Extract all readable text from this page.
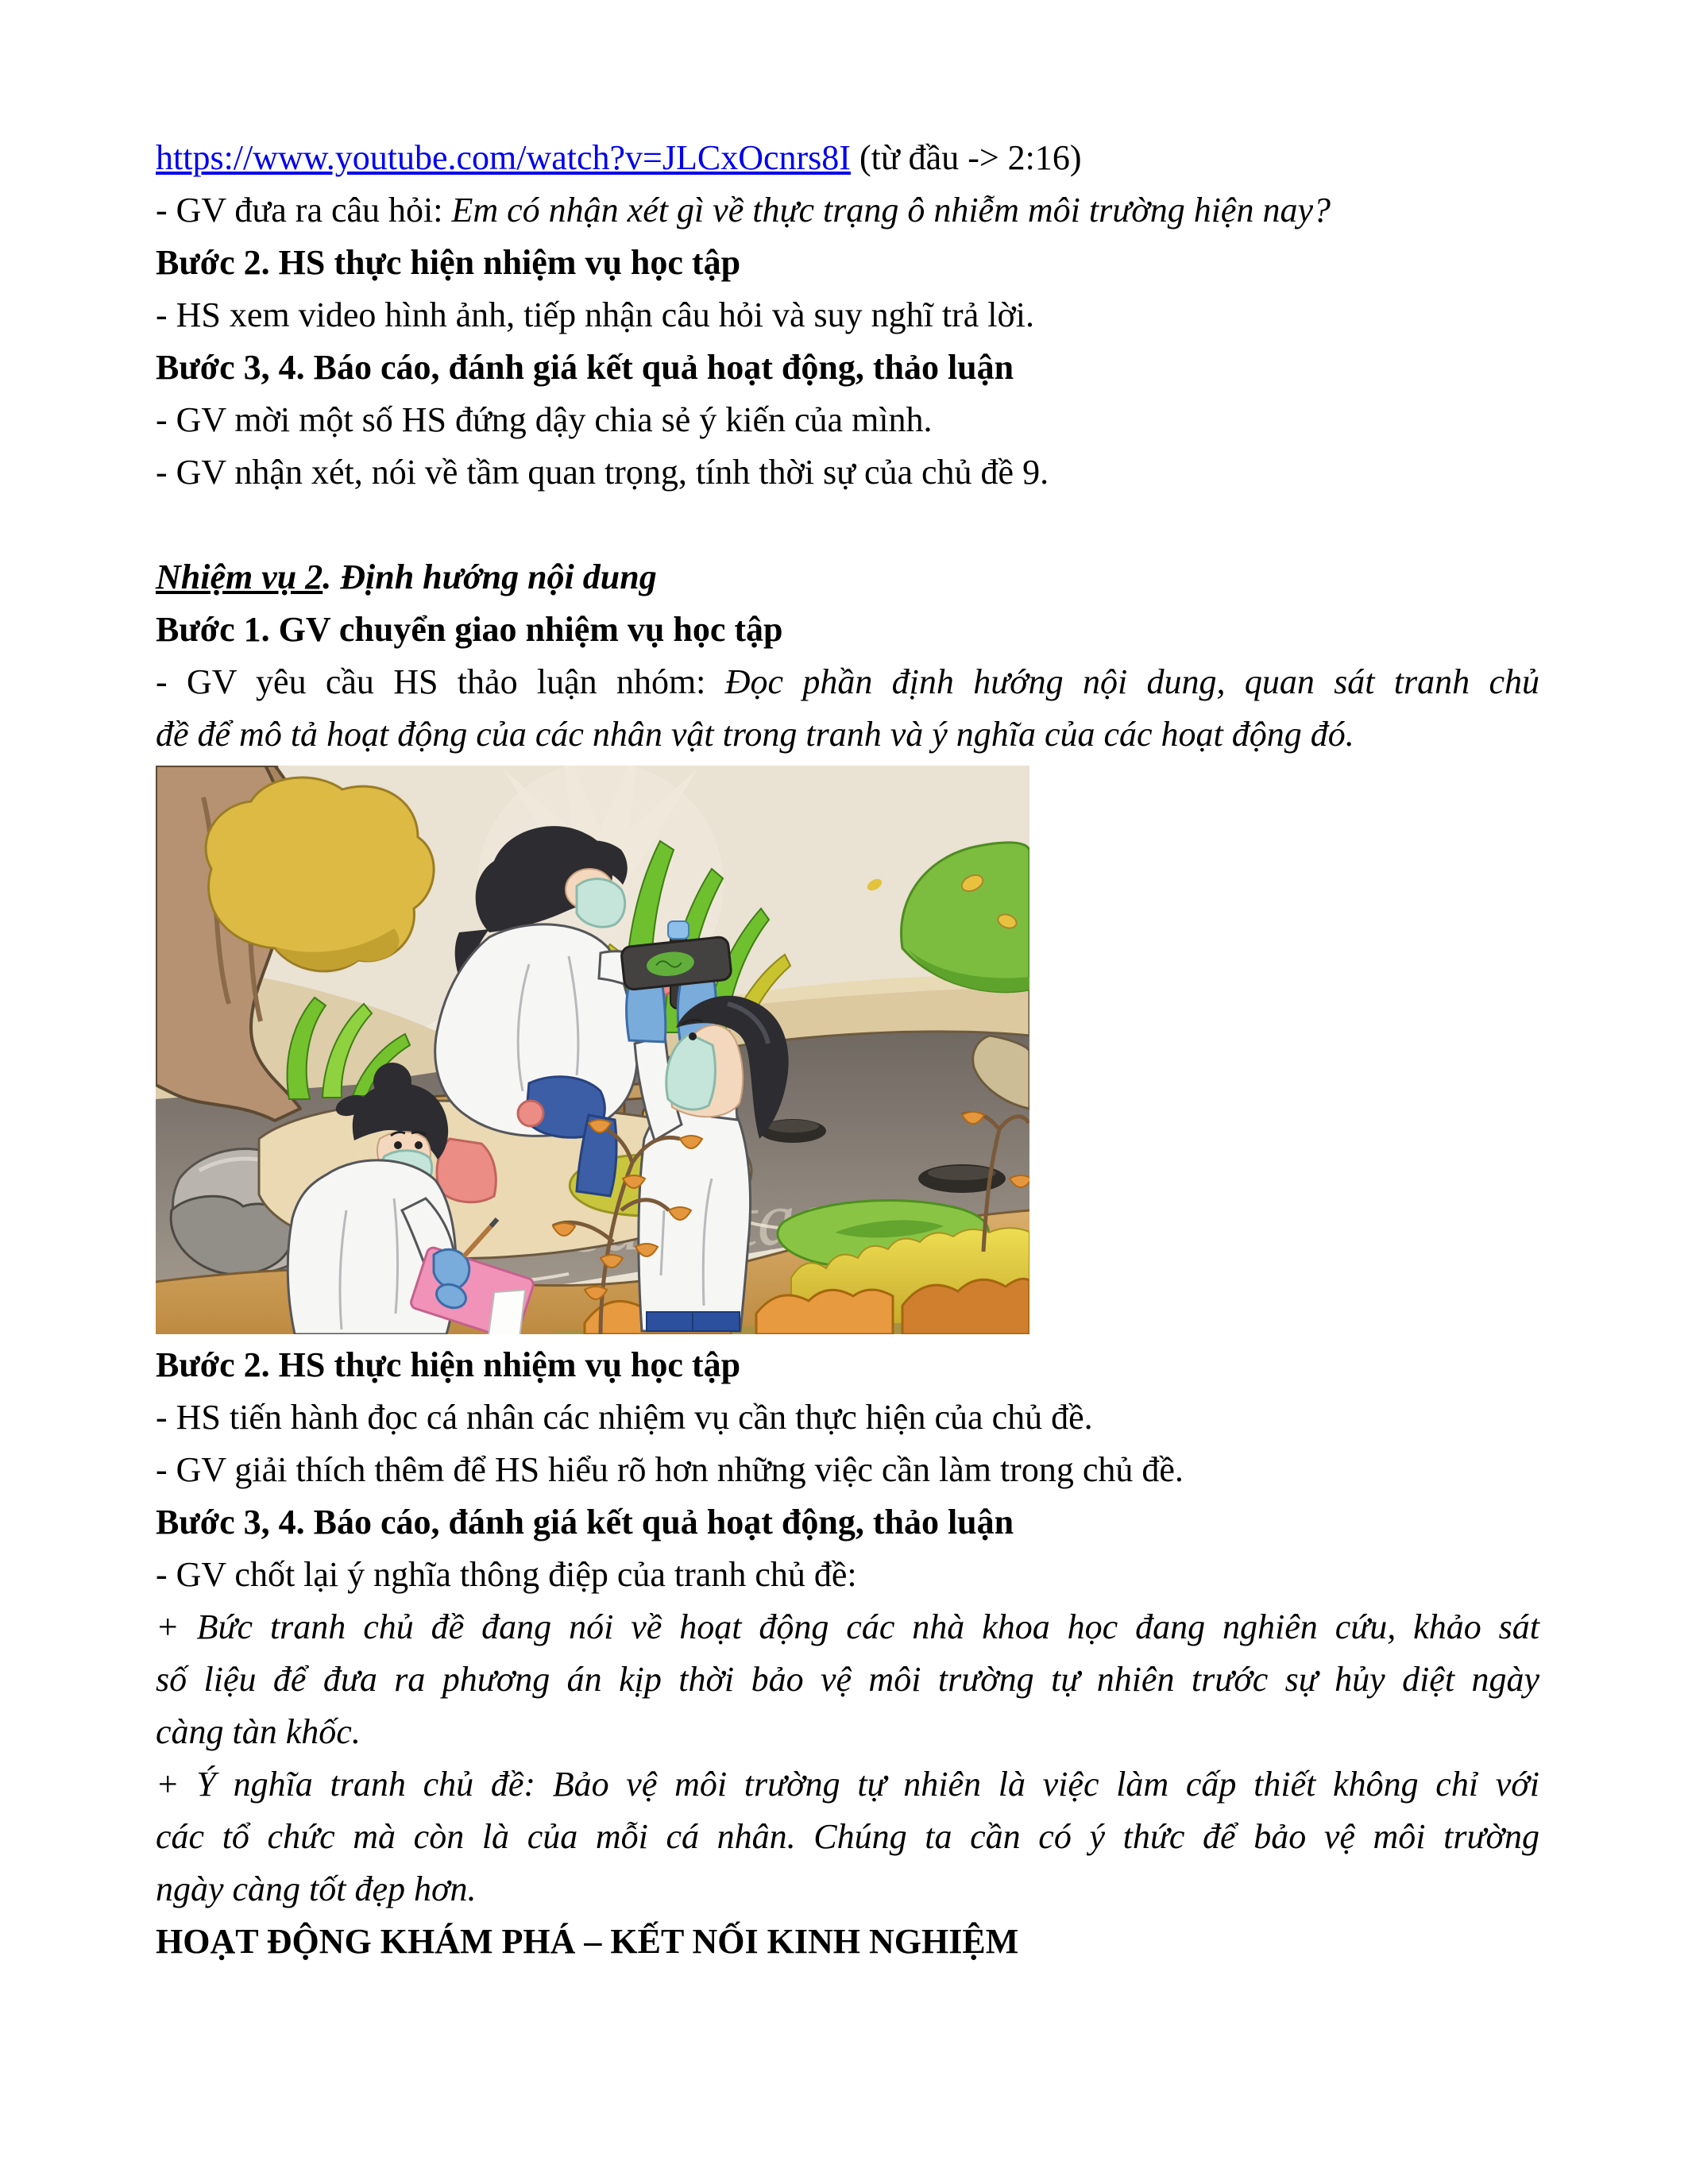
https://www.youtube.com/watch?v=JLCxOcnrs8I (từ đầu -> 2:16)
- GV đưa ra câu hỏi: Em có nhận xét gì về thực trạng ô nhiễm môi trường hiện nay?
Bước 2. HS thực hiện nhiệm vụ học tập
- HS xem video hình ảnh, tiếp nhận câu hỏi và suy nghĩ trả lời.
Bước 3, 4. Báo cáo, đánh giá kết quả hoạt động, thảo luận
- GV mời một số HS đứng dậy chia sẻ ý kiến của mình.
- GV nhận xét, nói về tầm quan trọng, tính thời sự của chủ đề 9.
Nhiệm vụ 2. Định hướng nội dung
Bước 1. GV chuyển giao nhiệm vụ học tập
- GV yêu cầu HS thảo luận nhóm: Đọc phần định hướng nội dung, quan sát tranh chủ
đề để mô tả hoạt động của các nhân vật trong tranh và ý nghĩa của các hoạt động đó.
tạo
Bước 2. HS thực hiện nhiệm vụ học tập
- HS tiến hành đọc cá nhân các nhiệm vụ cần thực hiện của chủ đề.
- GV giải thích thêm để HS hiểu rõ hơn những việc cần làm trong chủ đề.
Bước 3, 4. Báo cáo, đánh giá kết quả hoạt động, thảo luận
- GV chốt lại ý nghĩa thông điệp của tranh chủ đề:
+ Bức tranh chủ đề đang nói về hoạt động các nhà khoa học đang nghiên cứu, khảo sát
số liệu để đưa ra phương án kịp thời bảo vệ môi trường tự nhiên trước sự hủy diệt ngày
càng tàn khốc.
+ Ý nghĩa tranh chủ đề: Bảo vệ môi trường tự nhiên là việc làm cấp thiết không chỉ với
các tổ chức mà còn là của mỗi cá nhân. Chúng ta cần có ý thức để bảo vệ môi trường
ngày càng tốt đẹp hơn.
HOẠT ĐỘNG KHÁM PHÁ – KẾT NỐI KINH NGHIỆM
